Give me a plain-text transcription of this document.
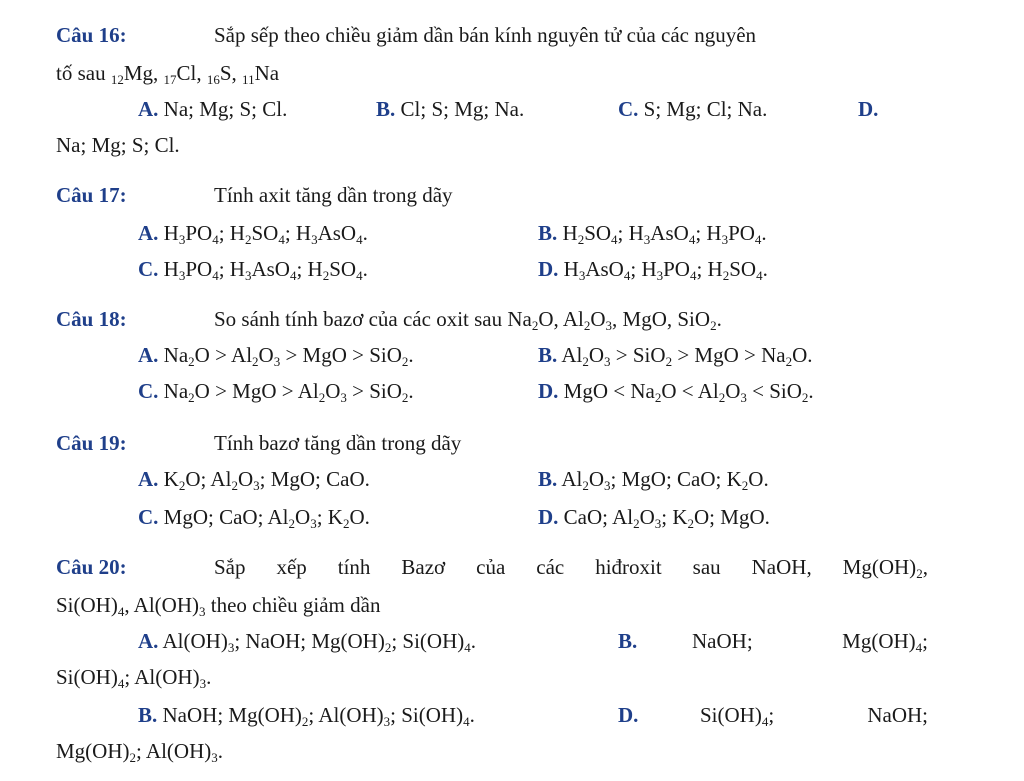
Câu 16:	Sắp sếp theo chiều giảm dần bán kính nguyên tử của các nguyên
tố sau $_{12}$Mg, $_{17}$Cl, $_{16}$S, $_{11}$Na
A. Na; Mg; S; Cl.	B. Cl; S; Mg; Na.	C. S; Mg; Cl; Na.	D.
Na; Mg; S; Cl.
Câu 17:	Tính axit tăng dần trong dãy
A. $H_3PO_4$; $H_2SO_4$; $H_3AsO_4$.	B. $H_2SO_4$; $H_3AsO_4$; $H_3PO_4$.
C. $H_3PO_4$; $H_3AsO_4$; $H_2SO_4$.	D. $H_3AsO_4$; $H_3PO_4$; $H_2SO_4$.
Câu 18:	So sánh tính bazơ của các oxit sau $Na_2O$, $Al_2O_3$, MgO, SiO$_2$.
A. $Na_2O > Al_2O_3$ > MgO > SiO$_2$.	B. $Al_2O_3 > SiO_2$ > MgO > $Na_2O$.
C. $Na_2O$ > MgO > $Al_2O_3 > SiO_2$.	D. MgO < $Na_2O < Al_2O_3 < SiO_2$.
Câu 19:	Tính bazơ tăng dần trong dãy
A. $K_2O$; $Al_2O_3$; MgO; CaO.	B. $Al_2O_3$; MgO; CaO; $K_2O$.
C. MgO; CaO; $Al_2O_3$; $K_2O$.	D. CaO; $Al_2O_3$; $K_2O$; MgO.
Câu 20:	Sắp xếp tính Bazơ của các hiđroxit sau NaOH, $Mg(OH)_2$,
$Si(OH)_4$, $Al(OH)_3$ theo chiều giảm dần
A. $Al(OH)_3$; NaOH; $Mg(OH)_2$; $Si(OH)_4$.	B.	NaOH;	$Mg(OH)_4$;
$Si(OH)_4$; $Al(OH)_3$.
B. NaOH; $Mg(OH)_2$; $Al(OH)_3$; $Si(OH)_4$.	D.	$Si(OH)_4$;	NaOH;
$Mg(OH)_2$; $Al(OH)_3$.
